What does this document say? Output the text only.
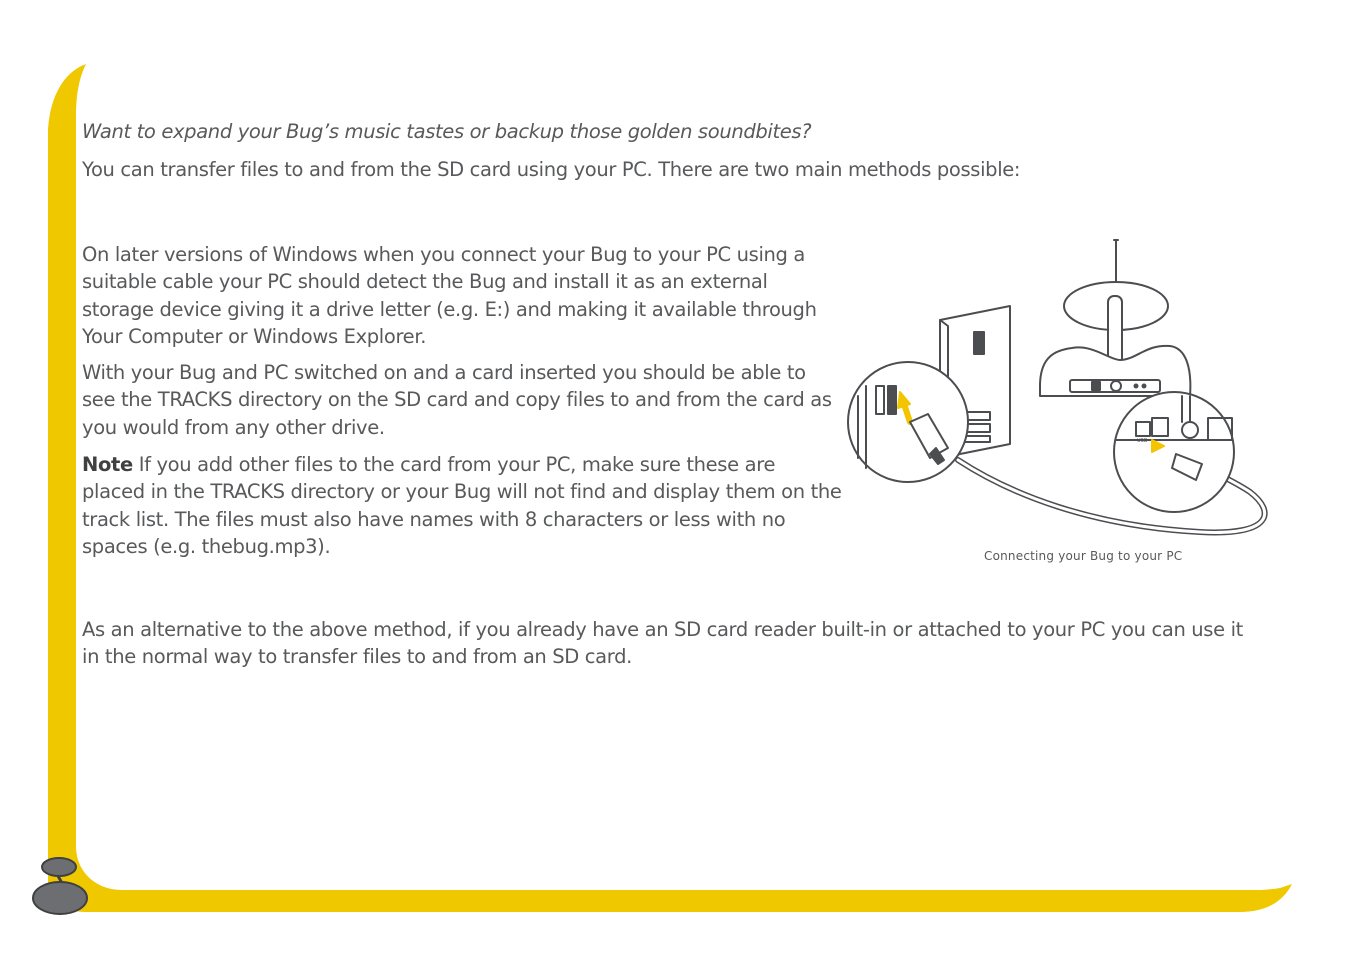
Want to expand your Bug’s music tastes or backup those golden soundbites?

You can transfer files to and from the SD card using your PC. There are two main methods possible:

On later versions of Windows when you connect your Bug to your PC using a suitable cable your PC should detect the Bug and install it as an external storage device giving it a drive letter (e.g. E:) and making it available through Your Computer or Windows Explorer.

With your Bug and PC switched on and a card inserted you should be able to see the TRACKS directory on the SD card and copy files to and from the card as you would from any other drive.

Note If you add other files to the card from your PC, make sure these are placed in the TRACKS directory or your Bug will not find and display them on the track list. The files must also have names with 8 characters or less with no spaces (e.g. thebug.mp3).

USB
Connecting your Bug to your PC

As an alternative to the above method, if you already have an SD card reader built-in or attached to your PC you can use it in the normal way to transfer files to and from an SD card.
